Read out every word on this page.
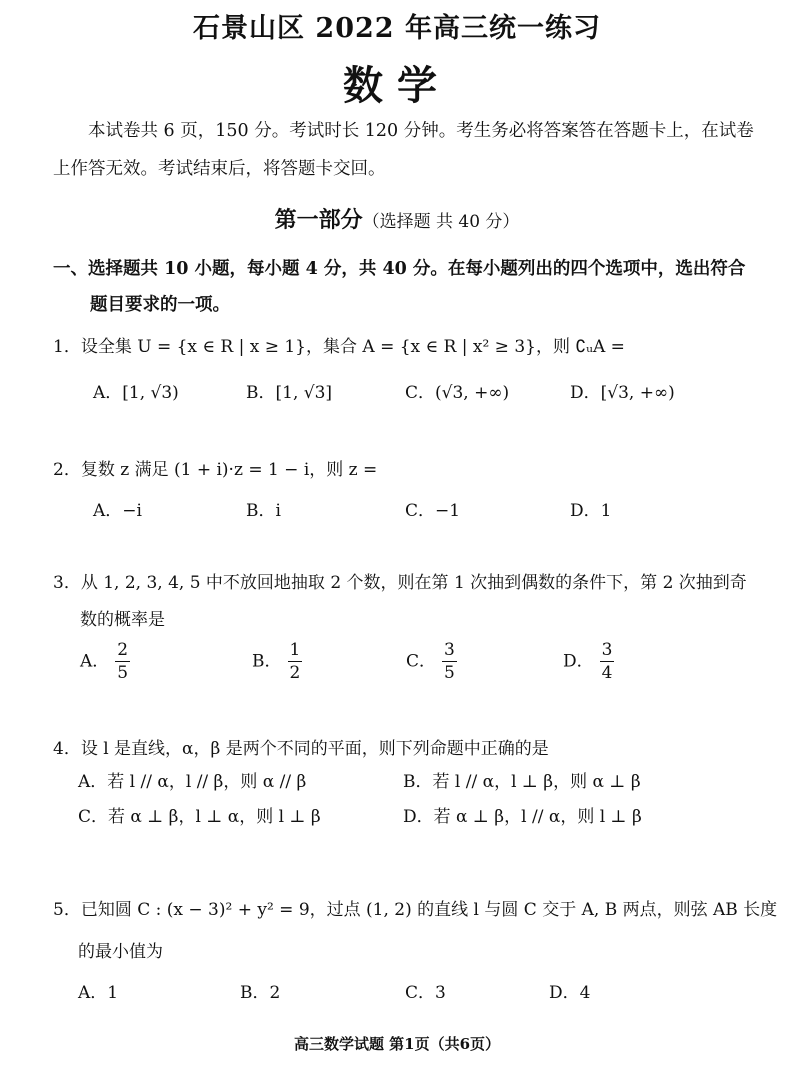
石景山区 2022 年高三统一练习
数学
本试卷共 6 页，150 分。考试时长 120 分钟。考生务必将答案答在答题卡上，在试卷
上作答无效。考试结束后，将答题卡交回。
第一部分（选择题 共 40 分）
一、选择题共 10 小题，每小题 4 分，共 40 分。在每小题列出的四个选项中，选出符合
题目要求的一项。
1．设全集 U = {x ∈ R | x ≥ 1}，集合 A = {x ∈ R | x² ≥ 3}，则 ∁ᵤA =
A．[1, √3)	B．[1, √3]	C．(√3, +∞)	D．[√3, +∞)
2．复数 z 满足 (1 + i)·z = 1 − i，则 z =
A．−i	B．i	C．−1	D．1
3．从 1, 2, 3, 4, 5 中不放回地抽取 2 个数，则在第 1 次抽到偶数的条件下，第 2 次抽到奇
数的概率是
A． $\frac{2}{5}$	B． $\frac{1}{2}$	C． $\frac{3}{5}$	D． $\frac{3}{4}$
4．设 l 是直线，α，β 是两个不同的平面，则下列命题中正确的是
A．若 l // α，l // β，则 α // β	B．若 l // α，l ⊥ β，则 α ⊥ β
C．若 α ⊥ β，l ⊥ α，则 l ⊥ β	D．若 α ⊥ β，l // α，则 l ⊥ β
5．已知圆 C : (x − 3)² + y² = 9，过点 (1, 2) 的直线 l 与圆 C 交于 A, B 两点，则弦 AB 长度
的最小值为
A．1	B．2	C．3	D．4
高三数学试题 第1页（共6页）
